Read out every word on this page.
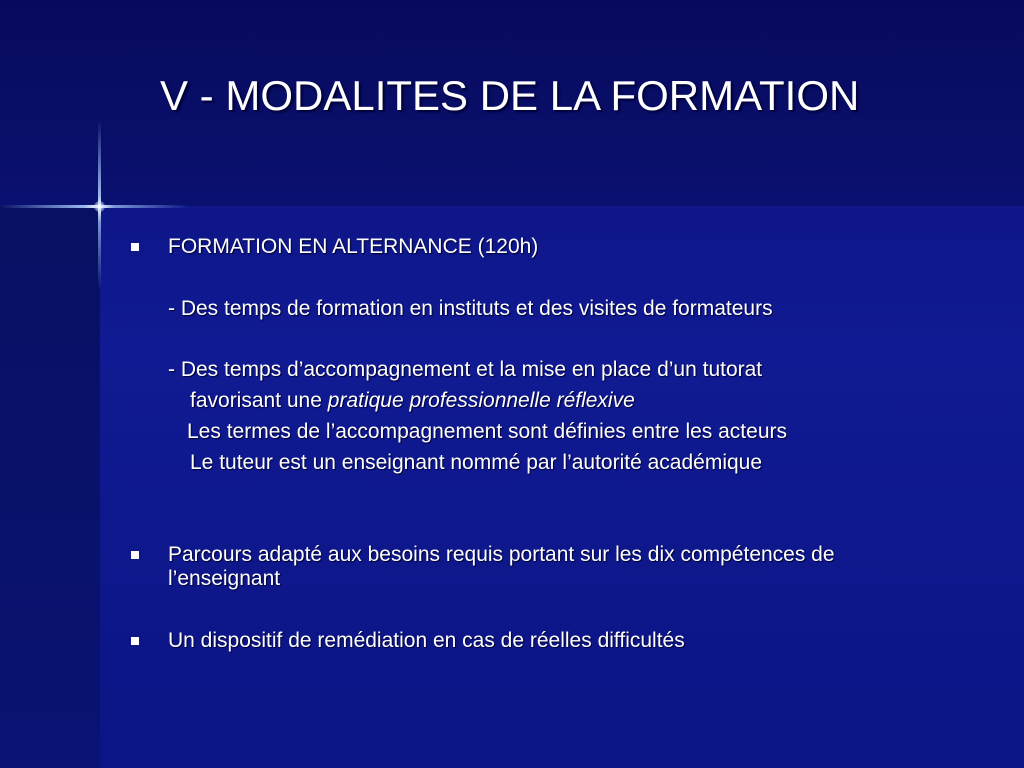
V - MODALITES DE LA FORMATION
FORMATION EN ALTERNANCE (120h)
- Des temps de formation en instituts et des visites de formateurs
- Des temps d’accompagnement et la mise en place d’un tutorat
favorisant une pratique professionnelle réflexive
Les termes de l’accompagnement sont définies entre les acteurs
Le tuteur est un enseignant nommé par l’autorité académique
Parcours adapté aux besoins requis portant sur les dix compétences de
l’enseignant
Un dispositif de remédiation en cas de réelles difficultés
